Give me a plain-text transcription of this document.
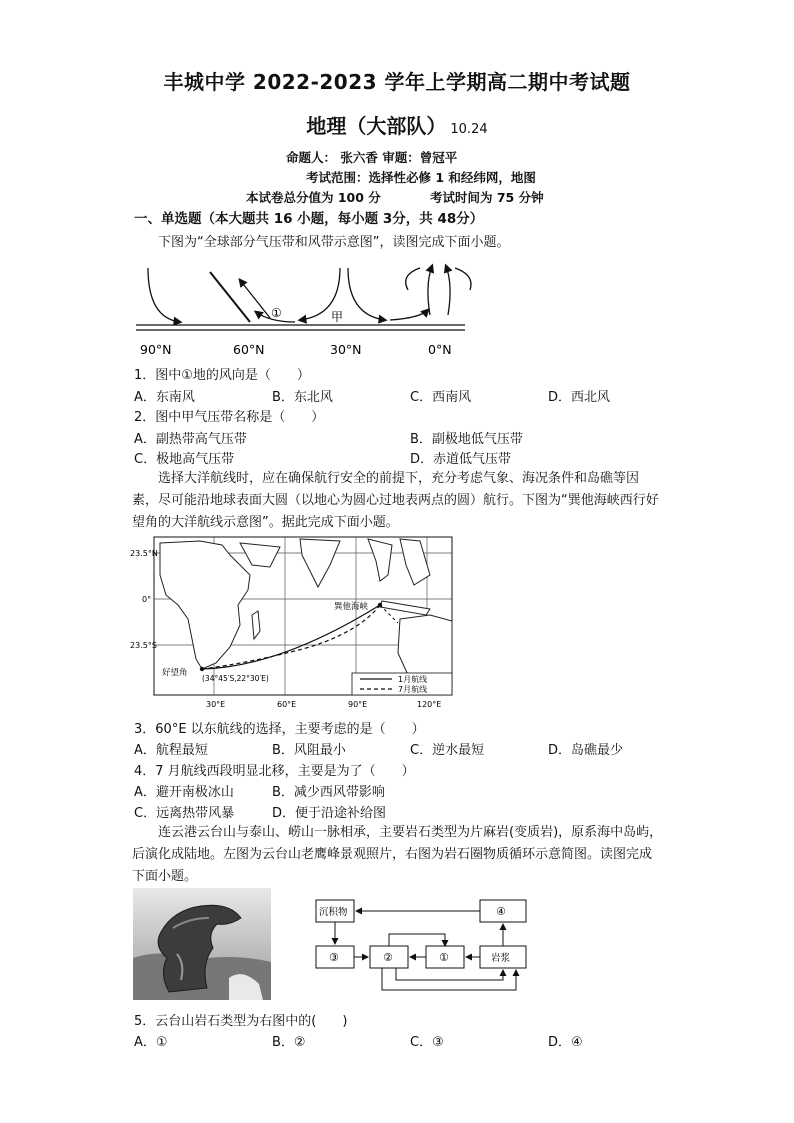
丰城中学 2022-2023 学年上学期高二期中考试题
地理（大部队） 10.24
命题人： 张六香 审题：曾冠平
考试范围：选择性必修 1 和经纬网，地图
本试卷总分值为 100 分	考试时间为 75 分钟
一、单选题（本大题共 16 小题，每小题 3分，共 48分）
下图为“全球部分气压带和风带示意图”，读图完成下面小题。
①	甲
90°N	60°N	30°N	0°N
1．图中①地的风向是（　　）
A．东南风	B．东北风	C．西南风	D．西北风
2．图中甲气压带名称是（　　）
A．副热带高气压带	B．副极地低气压带
C．极地高气压带	D．赤道低气压带
选择大洋航线时，应在确保航行安全的前提下，充分考虑气象、海况条件和岛礁等因素，尽可能沿地球表面大圆（以地心为圆心过地表两点的圆）航行。下图为“巽他海峡西行好望角的大洋航线示意图”。据此完成下面小题。
23.5°N
0°
23.5°S
30°E	60°E	90°E	120°E
巽他海峡
好望角
(34°45′S,22°30′E)	1月航线
7月航线
3．60°E 以东航线的选择，主要考虑的是（　　）
A．航程最短	B．风阻最小	C．逆水最短	D．岛礁最少
4．7 月航线西段明显北移，主要是为了（　　）
A．避开南极冰山	B．减少西风带影响
C．远离热带风暴	D．便于沿途补给图
连云港云台山与泰山、崂山一脉相承，主要岩石类型为片麻岩(变质岩)，原系海中岛屿，后演化成陆地。左图为云台山老鹰峰景观照片，右图为岩石圈物质循环示意简图。读图完成下面小题。
沉积物	④
③	②	①	岩浆
5．云台山岩石类型为右图中的(　　)
A．①	B．②	C．③	D．④
